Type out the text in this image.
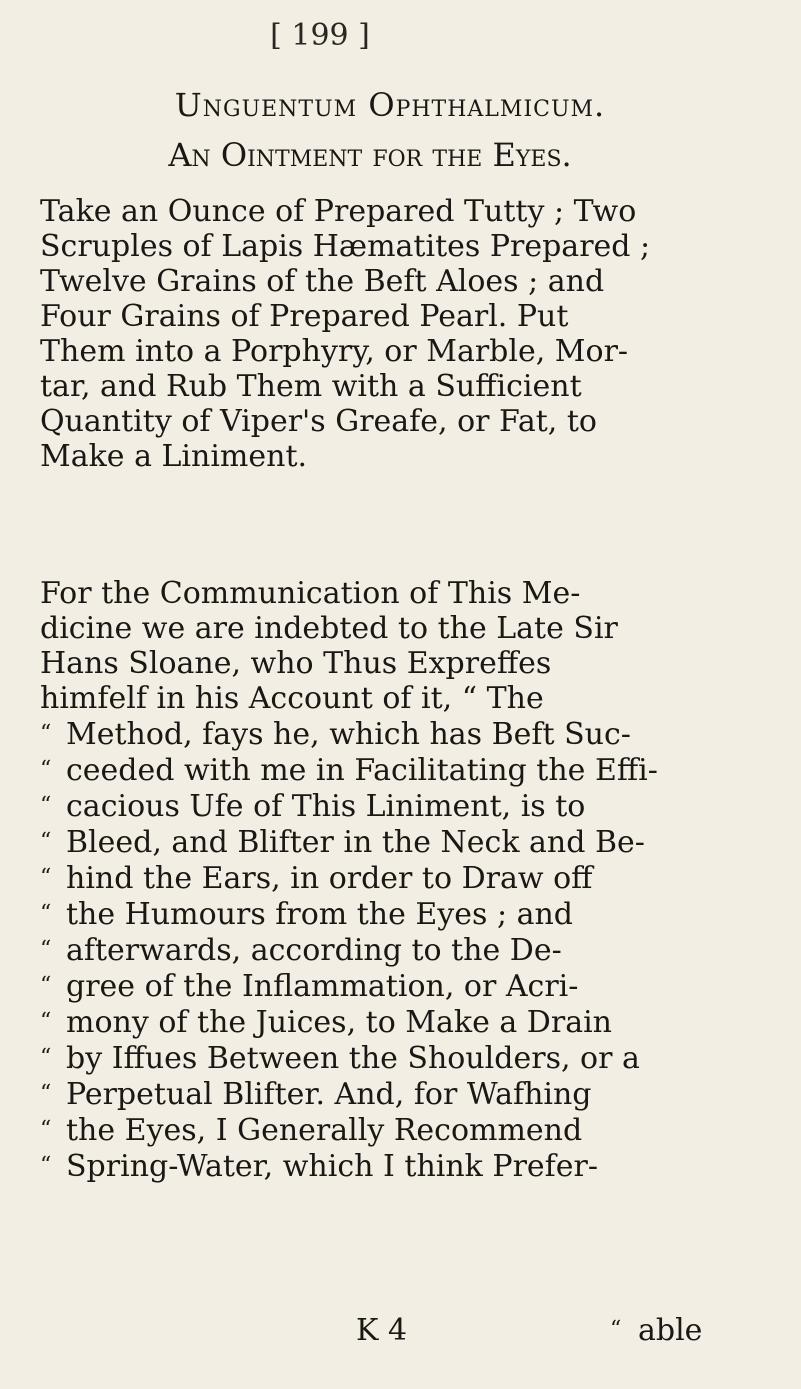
[ 199 ]
Unguentum Ophthalmicum.
An Ointment for the Eyes.

Take an Ounce of Prepared Tutty ; Two
Scruples of Lapis Hæmatites Prepared ;
Twelve Grains of the Beft Aloes ; and
Four Grains of Prepared Pearl. Put
Them into a Porphyry, or Marble, Mor-
tar, and Rub Them with a Sufficient
Quantity of Viper's Greafe, or Fat, to
Make a Liniment.

For the Communication of This Me-
dicine we are indebted to the Late Sir
Hans Sloane, who Thus Expreffes
himfelf in his Account of it, “ The
“ Method, fays he, which has Beft Suc-
“ ceeded with me in Facilitating the Effi-
“ cacious Ufe of This Liniment, is to
“ Bleed, and Blifter in the Neck and Be-
“ hind the Ears, in order to Draw off
“ the Humours from the Eyes ; and
“ afterwards, according to the De-
“ gree of the Inflammation, or Acri-
“ mony of the Juices, to Make a Drain
“ by Iffues Between the Shoulders, or a
“ Perpetual Blifter. And, for Wafhing
“ the Eyes, I Generally Recommend
“ Spring-Water, which I think Prefer-

K 4	“ able
